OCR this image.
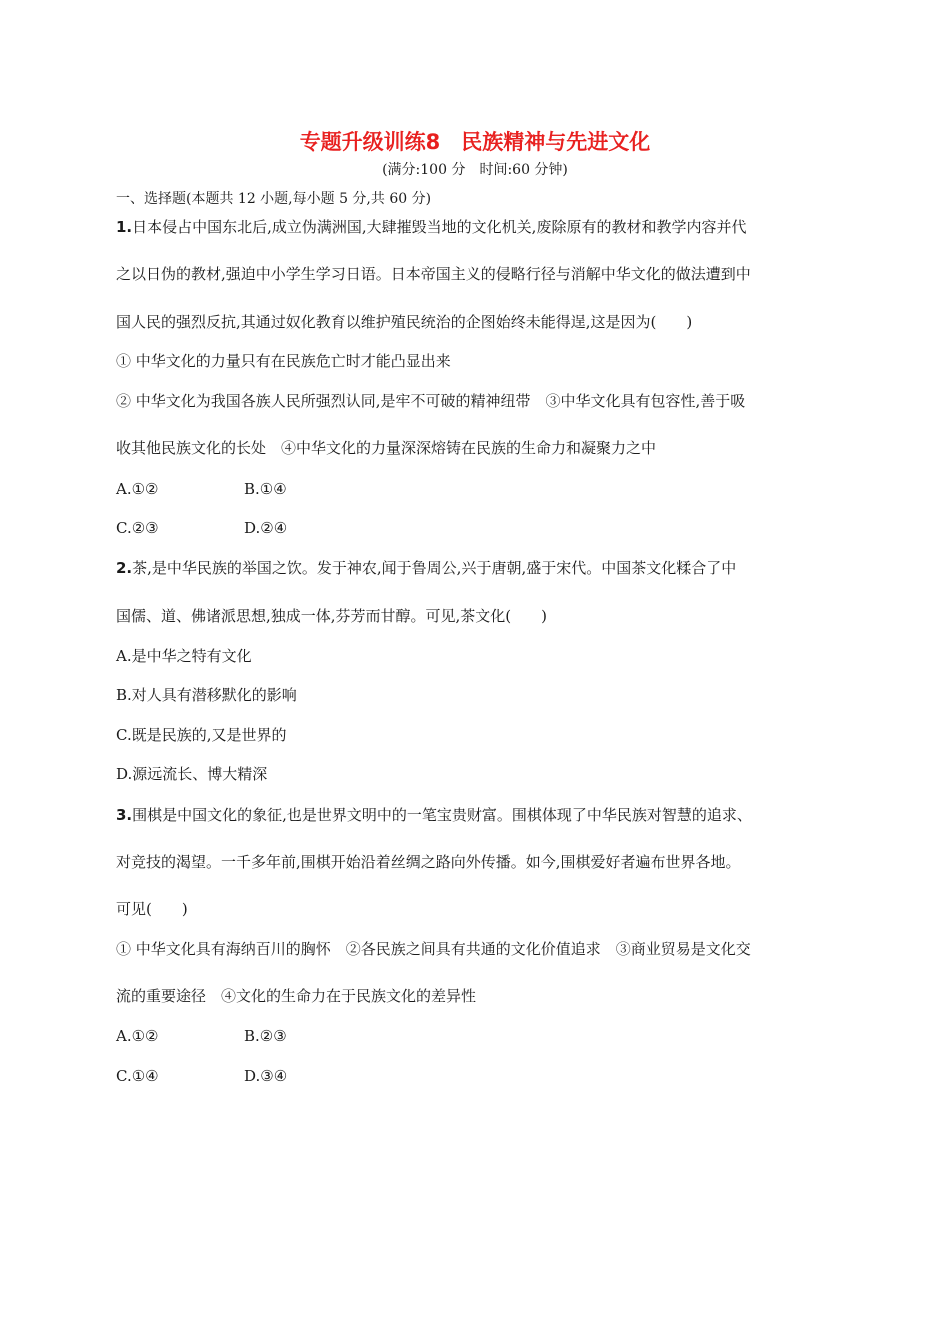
专题升级训练8　民族精神与先进文化
(满分:100 分　时间:60 分钟)
一、选择题(本题共 12 小题,每小题 5 分,共 60 分)
1.日本侵占中国东北后,成立伪满洲国,大肆摧毁当地的文化机关,废除原有的教材和教学内容并代
之以日伪的教材,强迫中小学生学习日语。日本帝国主义的侵略行径与消解中华文化的做法遭到中
国人民的强烈反抗,其通过奴化教育以维护殖民统治的企图始终未能得逞,这是因为(　　)
① 中华文化的力量只有在民族危亡时才能凸显出来
② 中华文化为我国各族人民所强烈认同,是牢不可破的精神纽带　③中华文化具有包容性,善于吸
收其他民族文化的长处　④中华文化的力量深深熔铸在民族的生命力和凝聚力之中
A.①②	B.①④
C.②③	D.②④
2.茶,是中华民族的举国之饮。发于神农,闻于鲁周公,兴于唐朝,盛于宋代。中国茶文化糅合了中
国儒、道、佛诸派思想,独成一体,芬芳而甘醇。可见,茶文化(　　)
A.是中华之特有文化
B.对人具有潜移默化的影响
C.既是民族的,又是世界的
D.源远流长、博大精深
3.围棋是中国文化的象征,也是世界文明中的一笔宝贵财富。围棋体现了中华民族对智慧的追求、
对竞技的渴望。一千多年前,围棋开始沿着丝绸之路向外传播。如今,围棋爱好者遍布世界各地。
可见(　　)
① 中华文化具有海纳百川的胸怀　②各民族之间具有共通的文化价值追求　③商业贸易是文化交
流的重要途径　④文化的生命力在于民族文化的差异性
A.①②	B.②③
C.①④	D.③④
